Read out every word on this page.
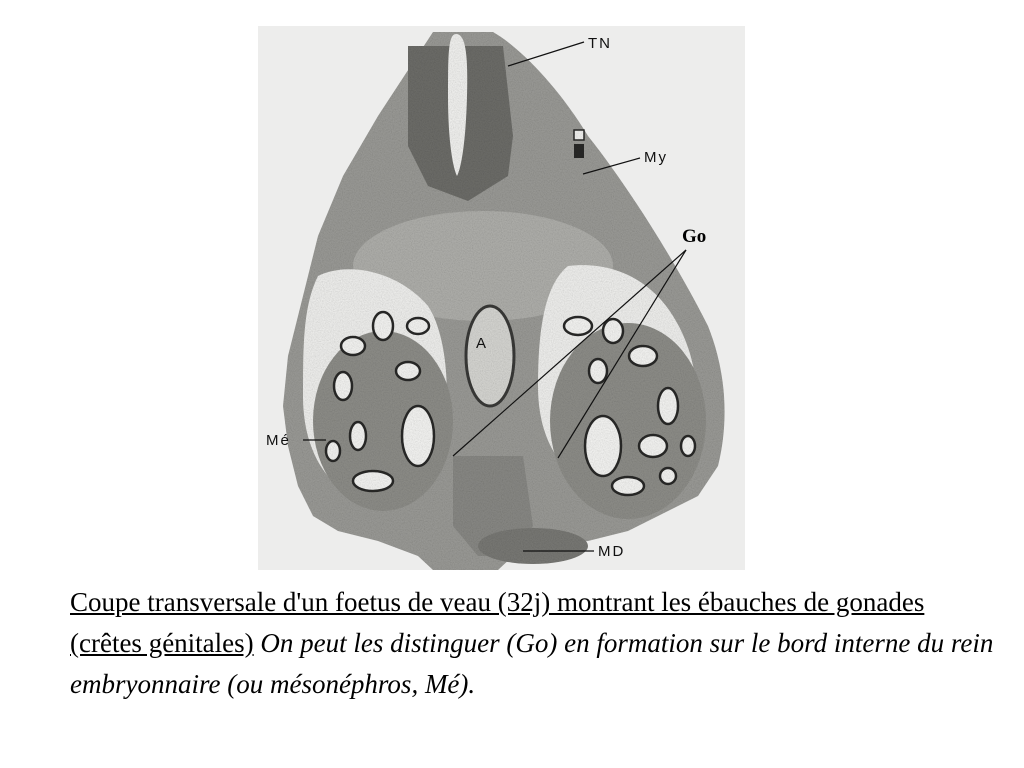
TN
My
Go
A
Mé
MD
Coupe transversale d'un foetus de veau (32j) montrant les ébauches de gonades (crêtes génitales) On peut les distinguer (Go) en formation sur le bord interne du rein embryonnaire (ou mésonéphros, Mé).
